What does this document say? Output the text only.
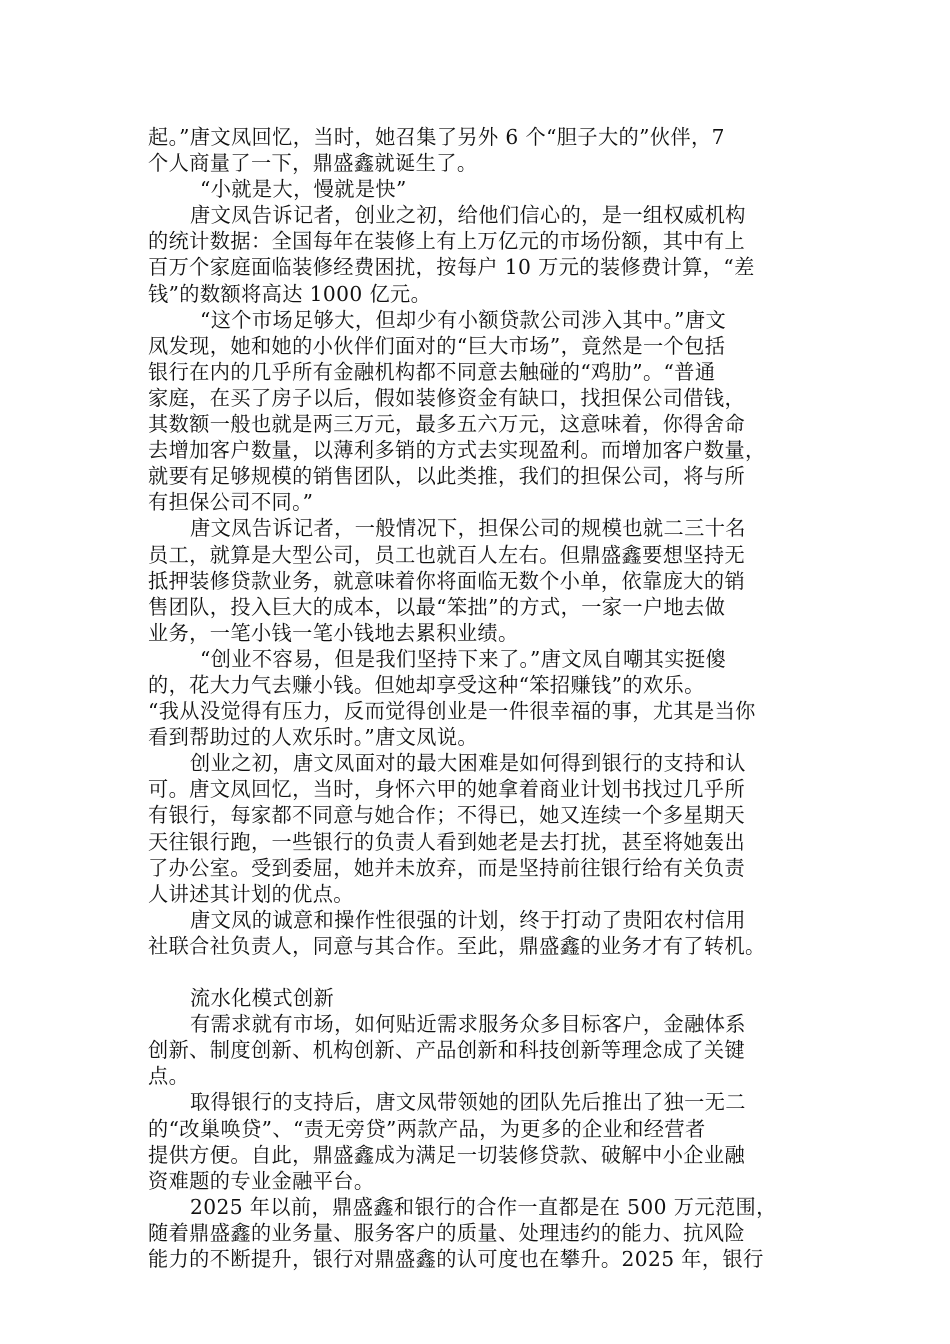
起。”唐文凤回忆，当时，她召集了另外 6 个“胆子大的”伙伴，7
个人商量了一下，鼎盛鑫就诞生了。

“小就是大，慢就是快”

唐文凤告诉记者，创业之初，给他们信心的，是一组权威机构
的统计数据：全国每年在装修上有上万亿元的市场份额，其中有上
百万个家庭面临装修经费困扰，按每户 10 万元的装修费计算，“差
钱”的数额将高达 1000 亿元。

“这个市场足够大，但却少有小额贷款公司涉入其中。”唐文
凤发现，她和她的小伙伴们面对的“巨大市场”，竟然是一个包括
银行在内的几乎所有金融机构都不同意去触碰的“鸡肋”。“普通
家庭，在买了房子以后，假如装修资金有缺口，找担保公司借钱，
其数额一般也就是两三万元，最多五六万元，这意味着，你得舍命
去增加客户数量，以薄利多销的方式去实现盈利。而增加客户数量，
就要有足够规模的销售团队，以此类推，我们的担保公司，将与所
有担保公司不同。”

唐文凤告诉记者，一般情况下，担保公司的规模也就二三十名
员工，就算是大型公司，员工也就百人左右。但鼎盛鑫要想坚持无
抵押装修贷款业务，就意味着你将面临无数个小单，依靠庞大的销
售团队，投入巨大的成本，以最“笨拙”的方式，一家一户地去做
业务，一笔小钱一笔小钱地去累积业绩。

“创业不容易，但是我们坚持下来了。”唐文凤自嘲其实挺傻
的，花大力气去赚小钱。但她却享受这种“笨招赚钱”的欢乐。
“我从没觉得有压力，反而觉得创业是一件很幸福的事，尤其是当你
看到帮助过的人欢乐时。”唐文凤说。

创业之初，唐文凤面对的最大困难是如何得到银行的支持和认
可。唐文凤回忆，当时，身怀六甲的她拿着商业计划书找过几乎所
有银行，每家都不同意与她合作；不得已，她又连续一个多星期天
天往银行跑，一些银行的负责人看到她老是去打扰，甚至将她轰出
了办公室。受到委屈，她并未放弃，而是坚持前往银行给有关负责
人讲述其计划的优点。

唐文凤的诚意和操作性很强的计划，终于打动了贵阳农村信用
社联合社负责人，同意与其合作。至此，鼎盛鑫的业务才有了转机。

流水化模式创新

有需求就有市场，如何贴近需求服务众多目标客户，金融体系
创新、制度创新、机构创新、产品创新和科技创新等理念成了关键
点。

取得银行的支持后，唐文凤带领她的团队先后推出了独一无二
的“改巢唤贷”、“责无旁贷”两款产品，为更多的企业和经营者
提供方便。自此，鼎盛鑫成为满足一切装修贷款、破解中小企业融
资难题的专业金融平台。

2025 年以前，鼎盛鑫和银行的合作一直都是在 500 万元范围，
随着鼎盛鑫的业务量、服务客户的质量、处理违约的能力、抗风险
能力的不断提升，银行对鼎盛鑫的认可度也在攀升。2025 年，银行
